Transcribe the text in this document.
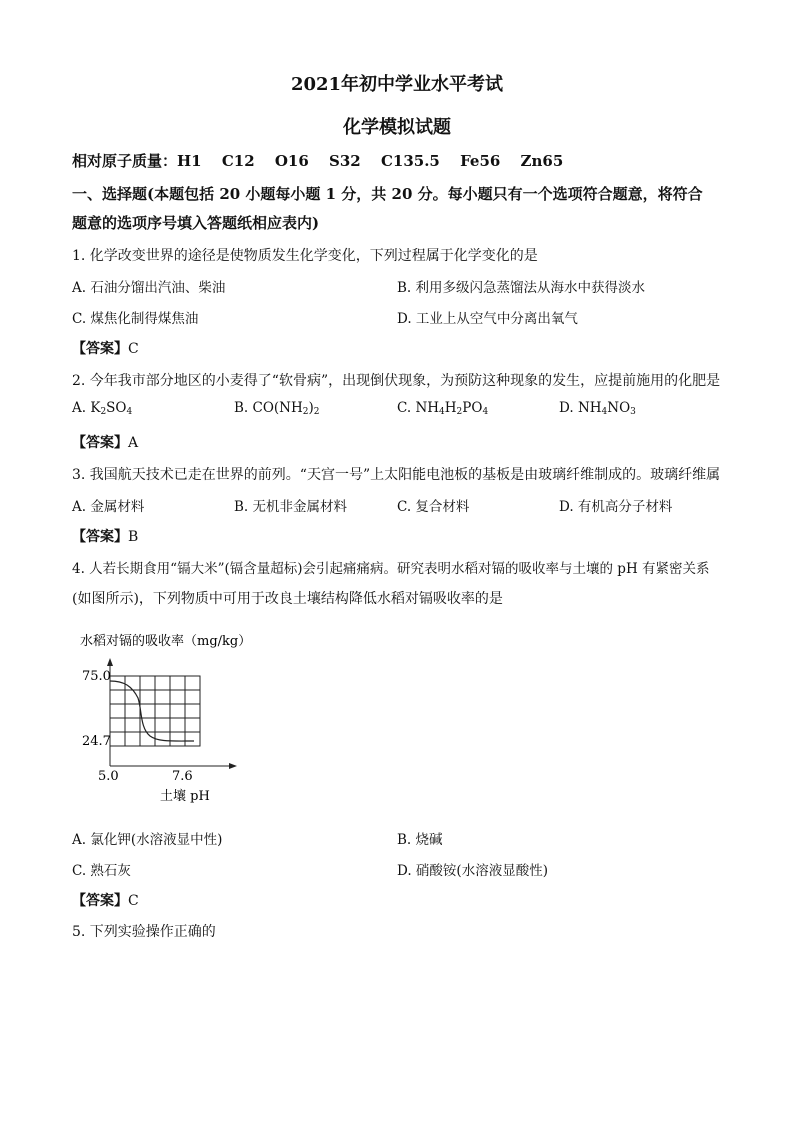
2021年初中学业水平考试
化学模拟试题
相对原子质量：H1　 C12　 O16　 S32　 C135.5　 Fe56　 Zn65
一、选择题(本题包括 20 小题每小题 1 分，共 20 分。每小题只有一个选项符合题意，将符合
题意的选项序号填入答题纸相应表内)
1. 化学改变世界的途径是使物质发生化学变化，下列过程属于化学变化的是
A. 石油分馏出汽油、柴油	B. 利用多级闪急蒸馏法从海水中获得淡水
C. 煤焦化制得煤焦油	D. 工业上从空气中分离出氧气
【答案】C
2. 今年我市部分地区的小麦得了“软骨病”，出现倒伏现象，为预防这种现象的发生，应提前施用的化肥是
A. $K_2SO_4$	B. $CO(NH_2)_2$	C. $NH_4H_2PO_4$	D. $NH_4NO_3$
【答案】A
3. 我国航天技术已走在世界的前列。“天宫一号”上太阳能电池板的基板是由玻璃纤维制成的。玻璃纤维属
A. 金属材料	B. 无机非金属材料	C. 复合材料	D. 有机高分子材料
【答案】B
4. 人若长期食用“镉大米”(镉含量超标)会引起痛痛病。研究表明水稻对镉的吸收率与土壤的 pH 有紧密关系
(如图所示)，下列物质中可用于改良土壤结构降低水稻对镉吸收率的是
水稻对镉的吸收率（mg/kg）
75.0
24.7
5.0	7.6
土壤 pH
A. 氯化钾(水溶液显中性)	B. 烧碱
C. 熟石灰	D. 硝酸铵(水溶液显酸性)
【答案】C
5. 下列实验操作正确的
